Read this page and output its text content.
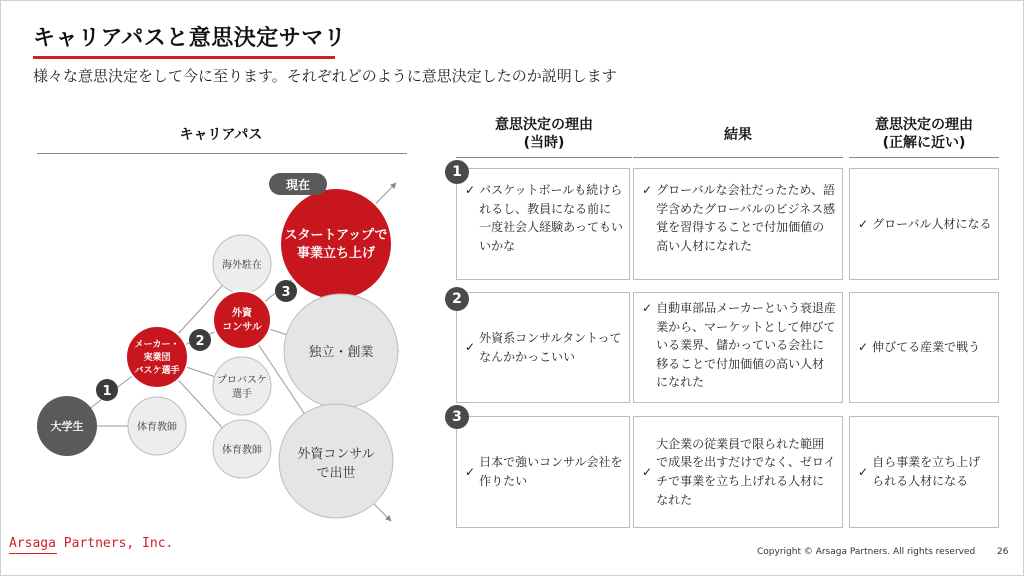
キャリアパスと意思決定サマリ
様々な意思決定をして今に至ります。それぞれどのように意思決定したのか説明します
キャリアパス
1
2
3
大学生
メーカー・
実業団
バスケ選手
体育教師
海外駐在
外資
コンサル
プロバスケ
選手
体育教師
スタートアップで
事業立ち上げ
現在
独立・創業
外資コンサル
で出世
意思決定の理由
(当時)
結果
意思決定の理由
(正解に近い)
✓ バスケットボールも続けられるし、教員になる前に一度社会人経験あってもいいかな
✓ グローバルな会社だったため、語学含めたグローバルのビジネス感覚を習得することで付加価値の高い人材になれた
✓ グローバル人材になる
1
✓
外資系コンサルタントってなんかかっこいい
✓ 自動車部品メーカーという衰退産業から、マーケットとして伸びている業界、儲かっている会社に移ることで付加価値の高い人材になれた
✓ 伸びてる産業で戦う
2
✓
日本で強いコンサル会社を作りたい
✓
大企業の従業員で限られた範囲で成果を出すだけでなく、ゼロイチで事業を立ち上げれる人材になれた
✓
自ら事業を立ち上げられる人材になる
3
Arsaga Partners, Inc.
Copyright © Arsaga Partners. All rights reserved 26
